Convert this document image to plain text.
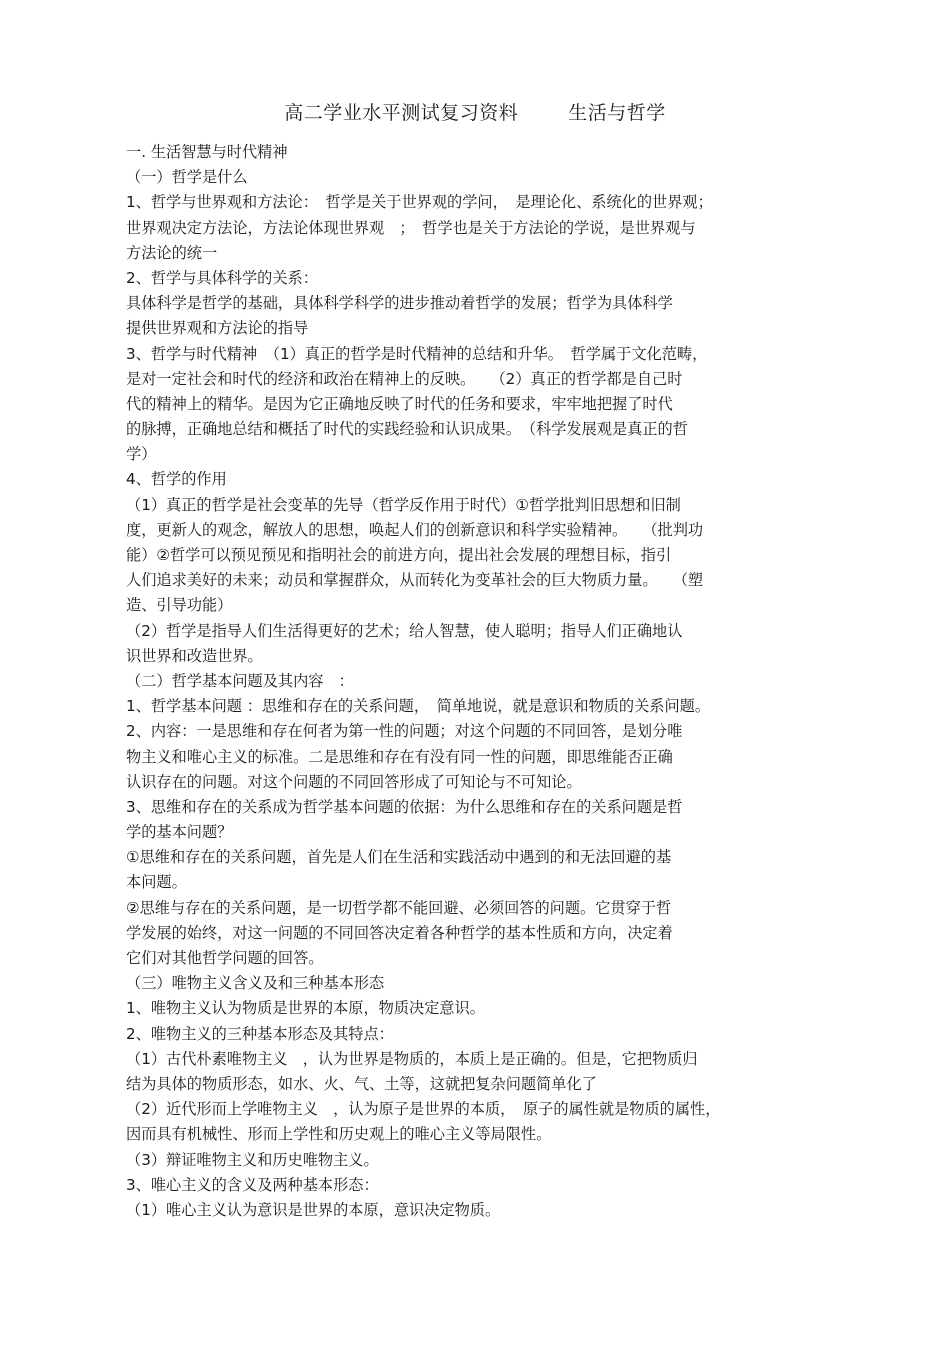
高二学业水平测试复习资料	生活与哲学
一. 生活智慧与时代精神
（一）哲学是什么
1、哲学与世界观和方法论：　哲学是关于世界观的学问，　是理论化、系统化的世界观；
世界观决定方法论，方法论体现世界观　；　哲学也是关于方法论的学说，是世界观与
方法论的统一
2、哲学与具体科学的关系：
具体科学是哲学的基础，具体科学科学的进步推动着哲学的发展；哲学为具体科学
提供世界观和方法论的指导
3、哲学与时代精神　（1）真正的哲学是时代精神的总结和升华。　哲学属于文化范畴，
是对一定社会和时代的经济和政治在精神上的反映。　　（2）真正的哲学都是自己时
代的精神上的精华。是因为它正确地反映了时代的任务和要求，牢牢地把握了时代
的脉搏，正确地总结和概括了时代的实践经验和认识成果。　（科学发展观是真正的哲
学）
4、哲学的作用
（1）真正的哲学是社会变革的先导（哲学反作用于时代）①哲学批判旧思想和旧制
度，更新人的观念，解放人的思想，唤起人们的创新意识和科学实验精神。　　（批判功
能）②哲学可以预见预见和指明社会的前进方向，提出社会发展的理想目标，指引
人们追求美好的未来；动员和掌握群众，从而转化为变革社会的巨大物质力量。　　（塑
造、引导功能）
（2）哲学是指导人们生活得更好的艺术；给人智慧，使人聪明；指导人们正确地认
识世界和改造世界。
（二）哲学基本问题及其内容　：
1、哲学基本问题 ：思维和存在的关系问题，　简单地说，就是意识和物质的关系问题。
2、内容：一是思维和存在何者为第一性的问题；对这个问题的不同回答，是划分唯
物主义和唯心主义的标准。二是思维和存在有没有同一性的问题，即思维能否正确
认识存在的问题。对这个问题的不同回答形成了可知论与不可知论。
3、思维和存在的关系成为哲学基本问题的依据：为什么思维和存在的关系问题是哲
学的基本问题？
①思维和存在的关系问题，首先是人们在生活和实践活动中遇到的和无法回避的基
本问题。
②思维与存在的关系问题，是一切哲学都不能回避、必须回答的问题。它贯穿于哲
学发展的始终，对这一问题的不同回答决定着各种哲学的基本性质和方向，决定着
它们对其他哲学问题的回答。
（三）唯物主义含义及和三种基本形态
1、唯物主义认为物质是世界的本原，物质决定意识。
2、唯物主义的三种基本形态及其特点：
（1）古代朴素唯物主义　，认为世界是物质的，本质上是正确的。但是，它把物质归
结为具体的物质形态，如水、火、气、土等，这就把复杂问题简单化了
（2）近代形而上学唯物主义　，认为原子是世界的本质，　原子的属性就是物质的属性，
因而具有机械性、形而上学性和历史观上的唯心主义等局限性。
（3）辩证唯物主义和历史唯物主义。
3、唯心主义的含义及两种基本形态：
（1）唯心主义认为意识是世界的本原，意识决定物质。
